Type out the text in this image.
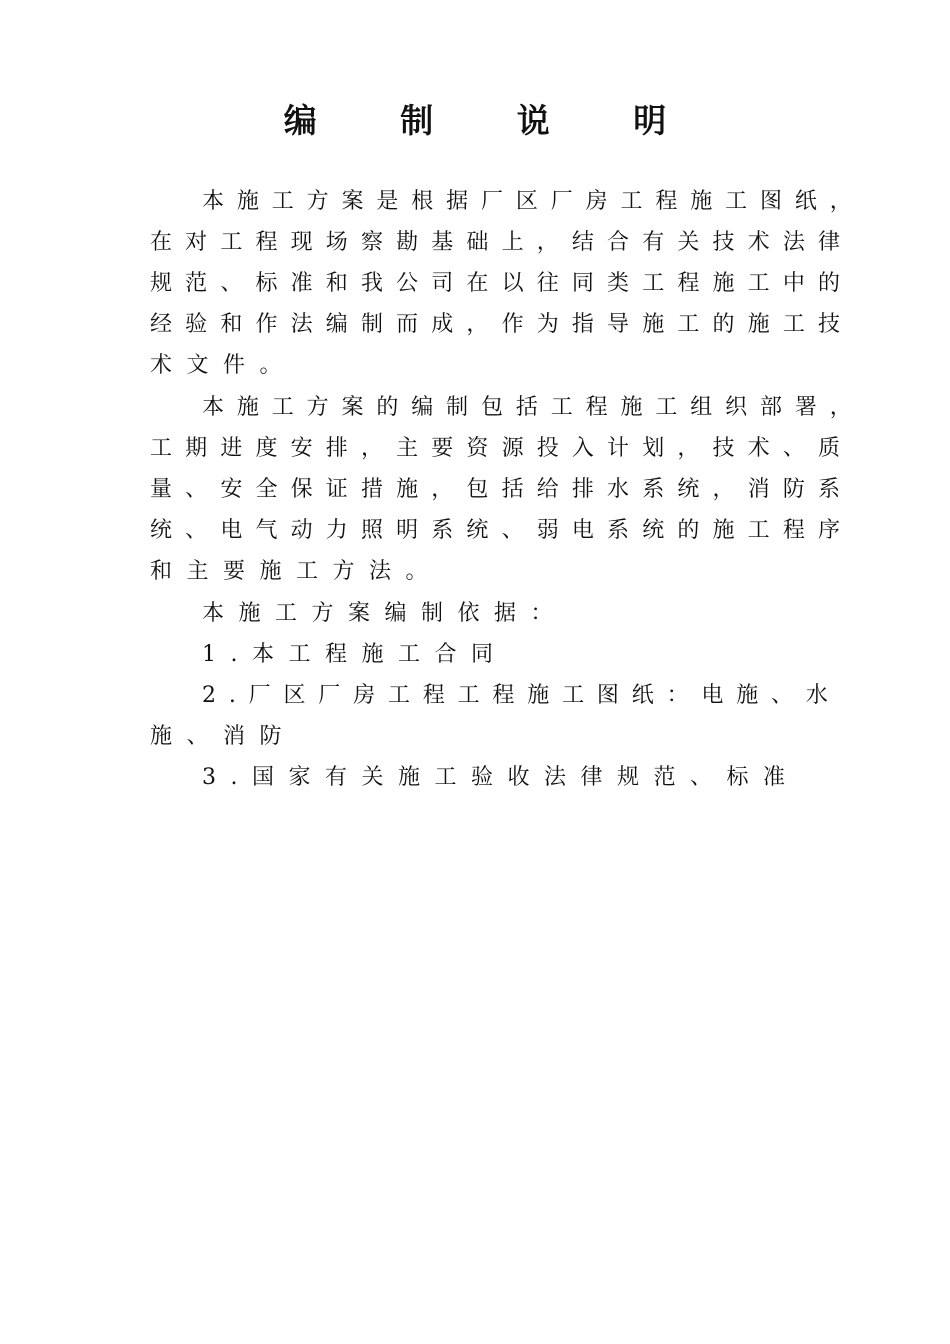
编 制 说 明
本 施 工 方 案 是 根 据 厂 区 厂 房 工 程 施 工 图 纸 ，
在 对 工 程 现 场 察 勘 基 础 上 ， 结 合 有 关 技 术 法 律
规 范 、 标 准 和 我 公 司 在 以 往 同 类 工 程 施 工 中 的
经 验 和 作 法 编 制 而 成 ， 作 为 指 导 施 工 的 施 工 技
术文件。
本 施 工 方 案 的 编 制 包 括 工 程 施 工 组 织 部 署 ，
工 期 进 度 安 排 ， 主 要 资 源 投 入 计 划 ， 技 术 、 质
量 、 安 全 保 证 措 施 ， 包 括 给 排 水 系 统 ， 消 防 系
统 、 电 气 动 力 照 明 系 统 、 弱 电 系 统 的 施 工 程 序
和主要施工方法。
本施工方案编制依据：
1.本工程施工合同
2 . 厂 区 厂 房 工 程 工 程 施 工 图 纸 ： 电 施 、 水
施、消防
3.国家有关施工验收法律规范、标准
